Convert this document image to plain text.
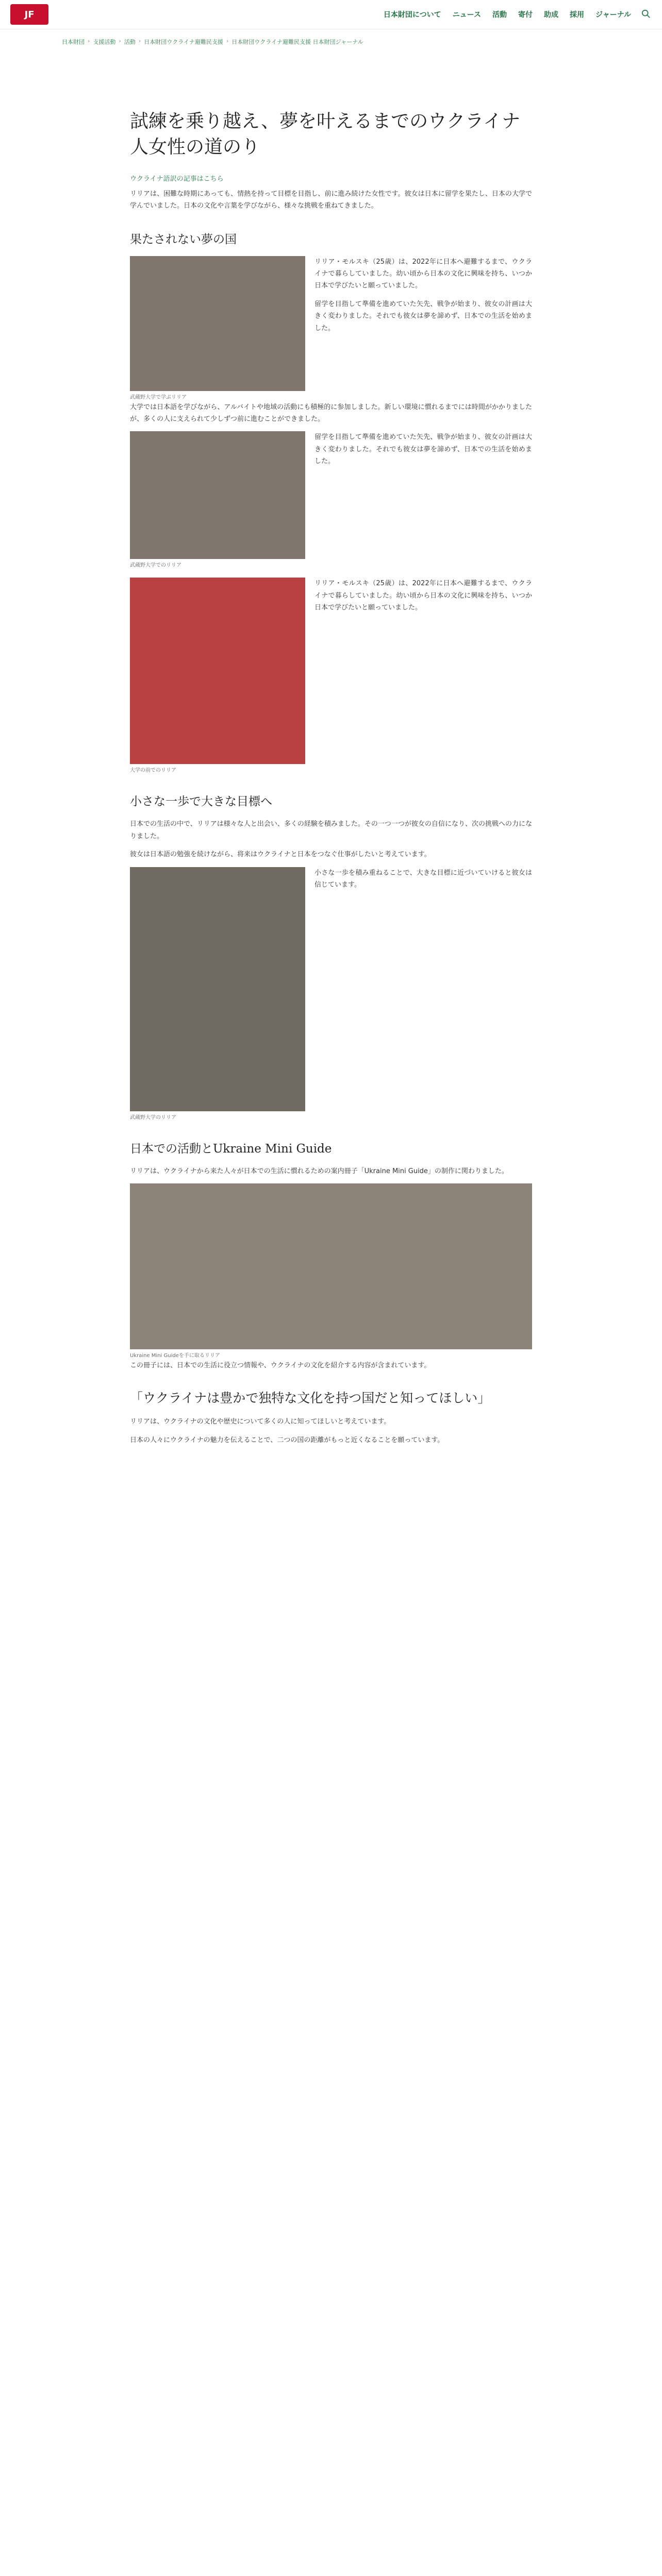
JF	日本財団について ニュース 活動 寄付 助成 採用 ジャーナル
日本財団 › 支援活動 › 活動 › 日本財団ウクライナ避難民支援 › 日本財団ウクライナ避難民支援 日本財団ジャーナル
試練を乗り越え、夢を叶えるまでのウクライナ人女性の道のり
ウクライナ語訳の記事はこちら

リリアは、困難な時期にあっても、情熱を持って目標を目指し、前に進み続けた女性です。彼女は日本に留学を果たし、日本の大学で学んでいました。日本の文化や言葉を学びながら、様々な挑戦を重ねてきました。

果たされない夢の国
武蔵野大学で学ぶリリア

リリア・モルスキ（25歳）は、2022年に日本へ避難するまで、ウクライナで暮らしていました。幼い頃から日本の文化に興味を持ち、いつか日本で学びたいと願っていました。

留学を目指して準備を進めていた矢先、戦争が始まり、彼女の計画は大きく変わりました。それでも彼女は夢を諦めず、日本での生活を始めました。

大学では日本語を学びながら、アルバイトや地域の活動にも積極的に参加しました。新しい環境に慣れるまでには時間がかかりましたが、多くの人に支えられて少しずつ前に進むことができました。

武蔵野大学でのリリア

留学を目指して準備を進めていた矢先、戦争が始まり、彼女の計画は大きく変わりました。それでも彼女は夢を諦めず、日本での生活を始めました。

大学の前でのリリア

リリア・モルスキ（25歳）は、2022年に日本へ避難するまで、ウクライナで暮らしていました。幼い頃から日本の文化に興味を持ち、いつか日本で学びたいと願っていました。

小さな一歩で大きな目標へ

日本での生活の中で、リリアは様々な人と出会い、多くの経験を積みました。その一つ一つが彼女の自信になり、次の挑戦への力になりました。

彼女は日本語の勉強を続けながら、将来はウクライナと日本をつなぐ仕事がしたいと考えています。

武蔵野大学のリリア

小さな一歩を積み重ねることで、大きな目標に近づいていけると彼女は信じています。

日本での活動とUkraine Mini Guide

リリアは、ウクライナから来た人々が日本での生活に慣れるための案内冊子「Ukraine Mini Guide」の制作に関わりました。

Ukraine Mini Guideを手に取るリリア

この冊子には、日本での生活に役立つ情報や、ウクライナの文化を紹介する内容が含まれています。

「ウクライナは豊かで独特な文化を持つ国だと知ってほしい」

リリアは、ウクライナの文化や歴史について多くの人に知ってほしいと考えています。

日本の人々にウクライナの魅力を伝えることで、二つの国の距離がもっと近くなることを願っています。
